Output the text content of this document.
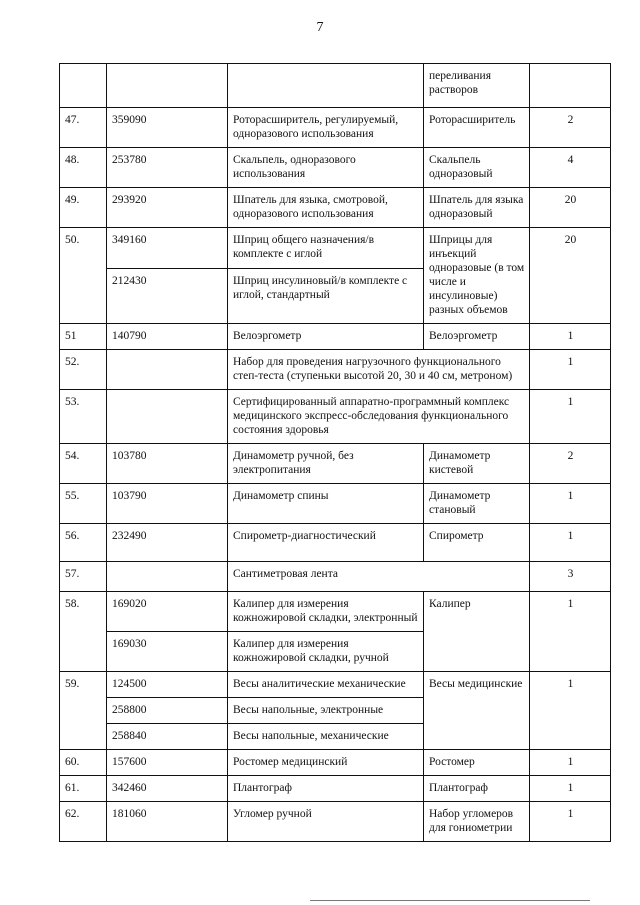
7
			переливания растворов	
47.	359090	Роторасширитель, регулируемый, одноразового использования	Роторасширитель	2
48.	253780	Скальпель, одноразового использования	Скальпель одноразовый	4
49.	293920	Шпатель для языка, смотровой, одноразового использования	Шпатель для языка одноразовый	20
50.	349160	Шприц общего назначения/в комплекте с иглой	Шприцы для инъекций одноразовые (в том числе и инсулиновые) разных объемов	20
	212430	Шприц инсулиновый/в комплекте с иглой, стандартный		
51	140790	Велоэргометр	Велоэргометр	1
52.		Набор для проведения нагрузочного функционального степ-теста (ступеньки высотой 20, 30 и 40 см, метроном)		1
53.		Сертифицированный аппаратно-программный комплекс медицинского экспресс-обследования функционального состояния здоровья		1
54.	103780	Динамометр ручной, без электропитания	Динамометр кистевой	2
55.	103790	Динамометр спины	Динамометр становый	1
56.	232490	Спирометр-диагностический	Спирометр	1
57.		Сантиметровая лента		3
58.	169020	Калипер для измерения кожножировой складки, электронный	Калипер	1
	169030	Калипер для измерения кожножировой складки, ручной		
59.	124500	Весы аналитические механические	Весы медицинские	1
	258800	Весы напольные, электронные		
	258840	Весы напольные, механические		
60.	157600	Ростомер медицинский	Ростомер	1
61.	342460	Плантограф	Плантограф	1
62.	181060	Угломер ручной	Набор угломеров для гониометрии	1
